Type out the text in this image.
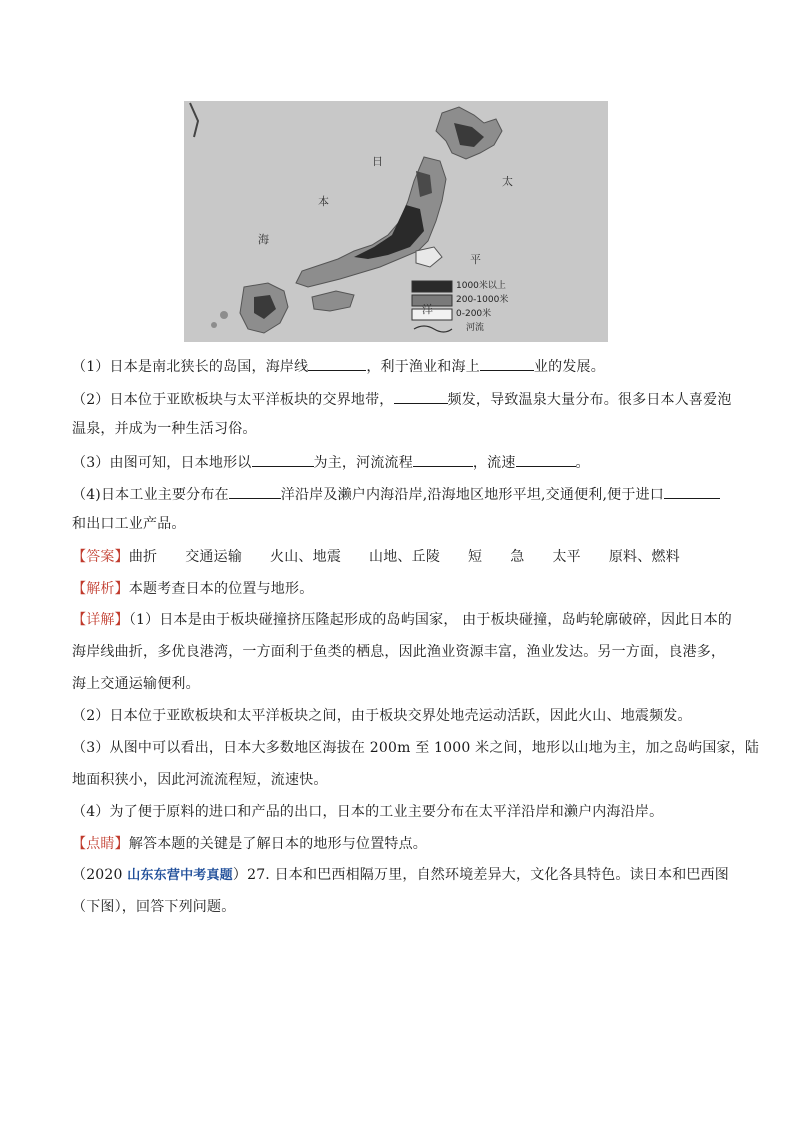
日
本
海
太
平
洋
1000米以上
200-1000米
0-200米
河流
（1）日本是南北狭长的岛国，海岸线	，利于渔业和海上	业的发展。
（2）日本位于亚欧板块与太平洋板块的交界地带，	频发，导致温泉大量分布。很多日本人喜爱泡
温泉，并成为一种生活习俗。
（3）由图可知，日本地形以	为主，河流流程	，流速	。
（4)日本工业主要分布在	洋沿岸及濑户内海沿岸,沿海地区地形平坦,交通便利,便于进口
和出口工业产品。
【答案】曲折 交通运输 火山、地震 山地、丘陵 短 急 太平 原料、燃料
【解析】本题考查日本的位置与地形。
【详解】（1）日本是由于板块碰撞挤压隆起形成的岛屿国家， 由于板块碰撞，岛屿轮廓破碎，因此日本的
海岸线曲折，多优良港湾，一方面利于鱼类的栖息，因此渔业资源丰富，渔业发达。另一方面，良港多，
海上交通运输便利。
（2）日本位于亚欧板块和太平洋板块之间，由于板块交界处地壳运动活跃，因此火山、地震频发。
（3）从图中可以看出，日本大多数地区海拔在 200m 至 1000 米之间，地形以山地为主，加之岛屿国家，陆
地面积狭小，因此河流流程短，流速快。
（4）为了便于原料的进口和产品的出口，日本的工业主要分布在太平洋沿岸和濑户内海沿岸。
【点睛】解答本题的关键是了解日本的地形与位置特点。
（2020 山东东营中考真题）27. 日本和巴西相隔万里，自然环境差异大，文化各具特色。读日本和巴西图
（下图），回答下列问题。
